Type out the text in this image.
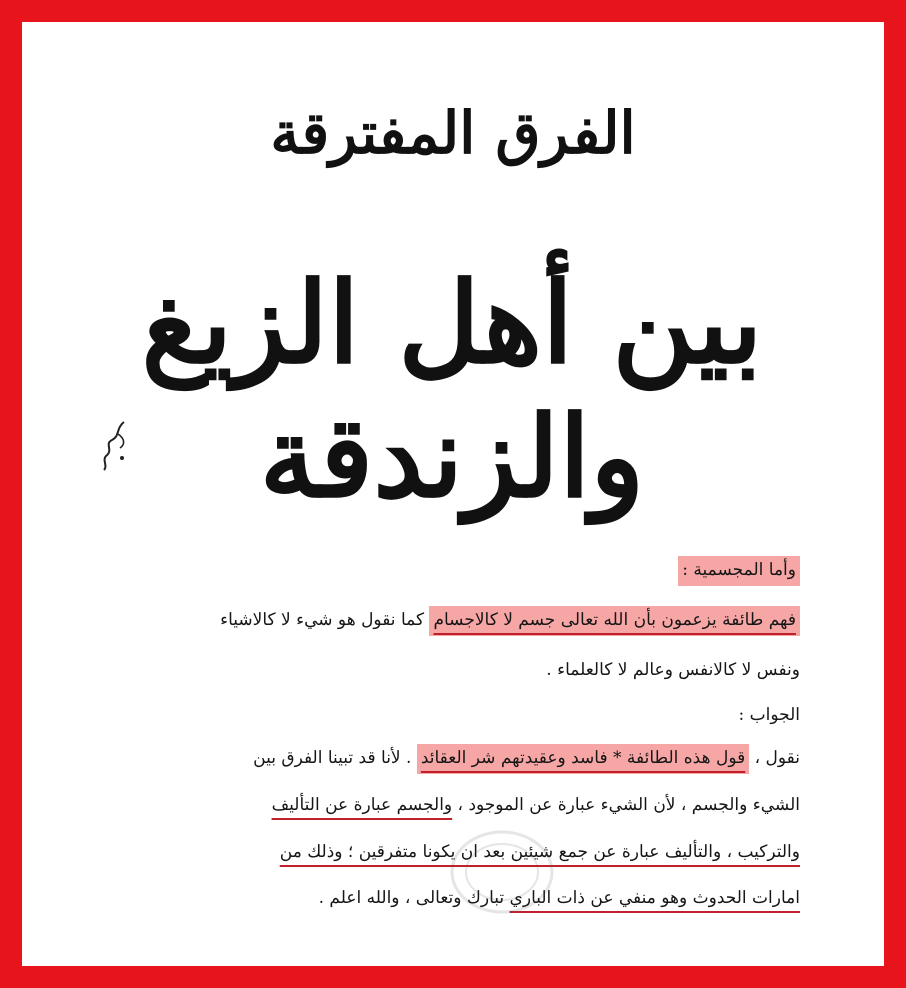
الفرق المفترقة
بين أهل الزيغ والزندقة
وأما المجسمية :
فهم طائفة يزعمون بأن الله تعالى جسم لا كالاجسام كما نقول هو شيء لا كالاشياء
ونفس لا كالانفس وعالم لا كالعلماء .
الجواب :
نقول ، قول هذه الطائفة * فاسد وعقيدتهم شر العقائد . لأنا قد تبينا الفرق بين
الشيء والجسم ، لأن الشيء عبارة عن الموجود ، والجسم عبارة عن التأليف
والتركيب ، والتأليف عبارة عن جمع شيئين بعد ان يكونا متفرقين ؛ وذلك من
امارات الحدوث وهو منفي عن ذات الباري تبارك وتعالى ، والله اعلم .
